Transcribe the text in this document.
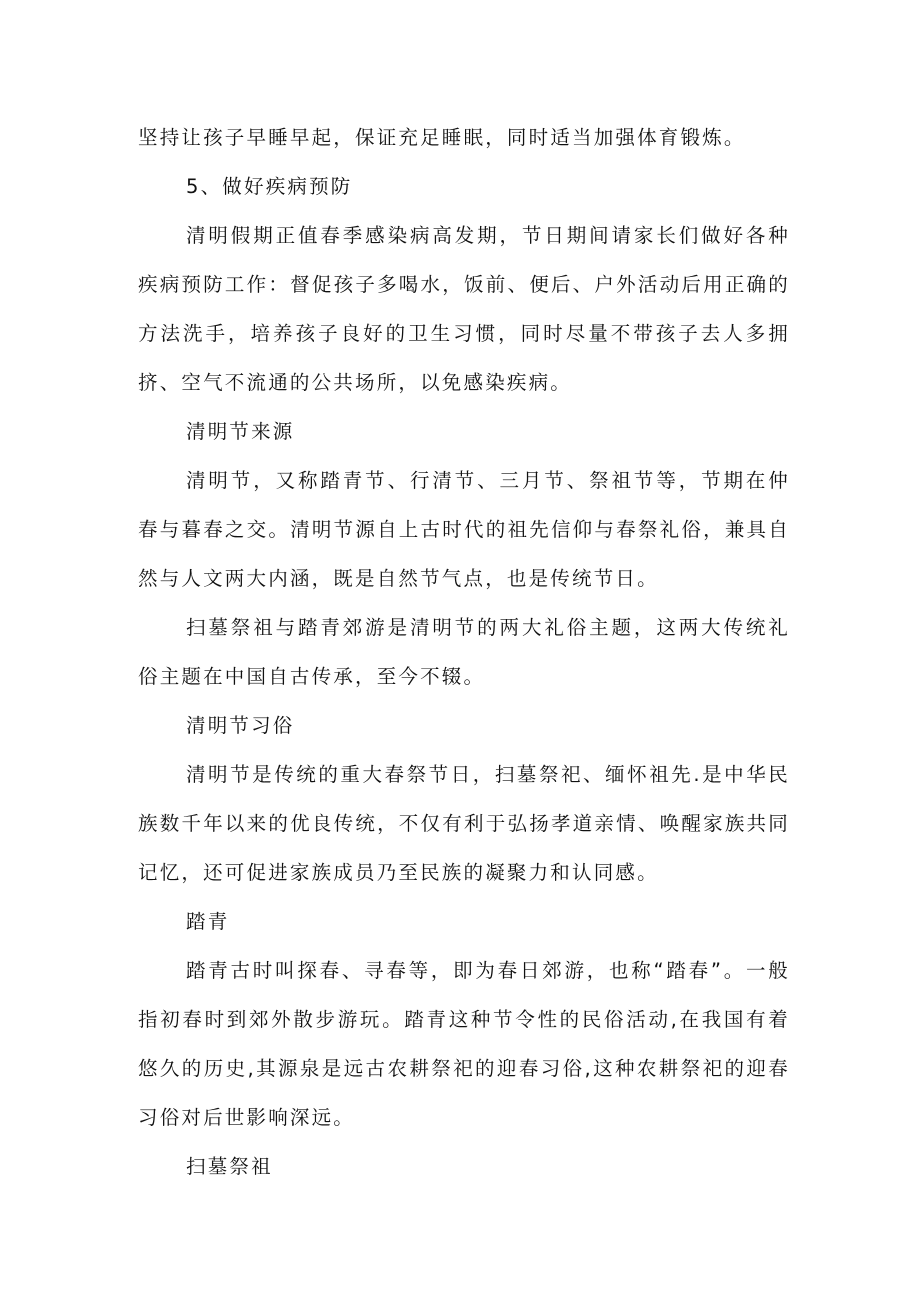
坚持让孩子早睡早起，保证充足睡眠，同时适当加强体育锻炼。

5、做好疾病预防

清明假期正值春季感染病高发期，节日期间请家长们做好各种疾病预防工作：督促孩子多喝水，饭前、便后、户外活动后用正确的方法洗手，培养孩子良好的卫生习惯，同时尽量不带孩子去人多拥挤、空气不流通的公共场所，以免感染疾病。

清明节来源

清明节，又称踏青节、行清节、三月节、祭祖节等，节期在仲春与暮春之交。清明节源自上古时代的祖先信仰与春祭礼俗，兼具自然与人文两大内涵，既是自然节气点，也是传统节日。

扫墓祭祖与踏青郊游是清明节的两大礼俗主题，这两大传统礼俗主题在中国自古传承，至今不辍。

清明节习俗

清明节是传统的重大春祭节日，扫墓祭祀、缅怀祖先.是中华民族数千年以来的优良传统，不仅有利于弘扬孝道亲情、唤醒家族共同记忆，还可促进家族成员乃至民族的凝聚力和认同感。

踏青

踏青古时叫探春、寻春等，即为春日郊游，也称“踏春”。一般指初春时到郊外散步游玩。踏青这种节令性的民俗活动,在我国有着悠久的历史,其源泉是远古农耕祭祀的迎春习俗,这种农耕祭祀的迎春习俗对后世影响深远。

扫墓祭祖
